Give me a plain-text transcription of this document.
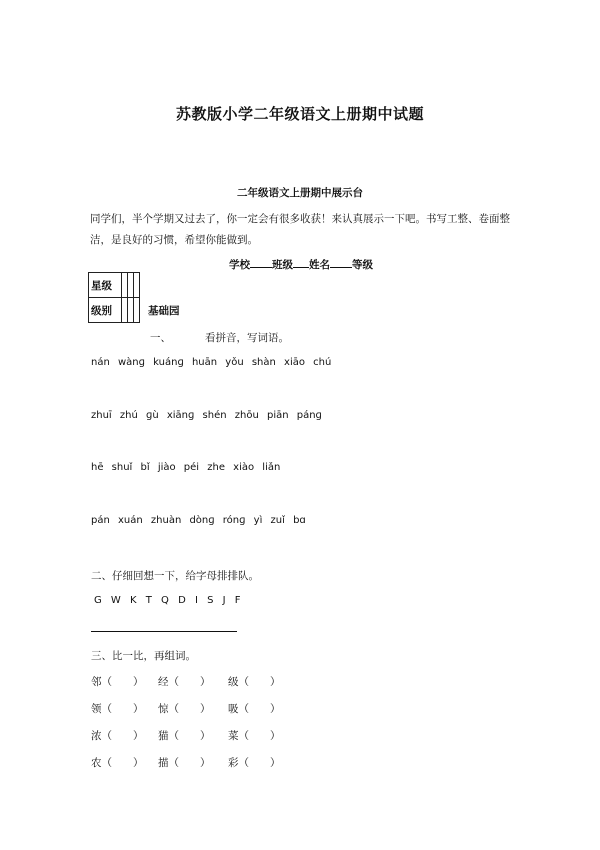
苏教版小学二年级语文上册期中试题
二年级语文上册期中展示台
同学们，半个学期又过去了，你一定会有很多收获！来认真展示一下吧。书写工整、卷面整洁，是良好的习惯，希望你能做到。
学校 班级 姓名 等级
星级			
级别				基础园
一、	看拼音，写词语。
nán wànɡ kuánɡ huān yǒu shàn xiāo chú
zhuī zhú ɡù xiānɡ shén zhōu piān pánɡ
hē shuǐ bǐ jiào péi zhe xiào liǎn
pán xuán zhuàn dònɡ rónɡ yì zuǐ bɑ
二、仔细回想一下，给字母排排队。
G W K T Q D I S J F
三、比一比，再组词。
邻（　　） 经（　　） 级（　　）
领（　　） 惊（　　） 吸（　　）
浓（　　） 猫（　　） 菜（　　）
农（　　） 描（　　） 彩（　　）
